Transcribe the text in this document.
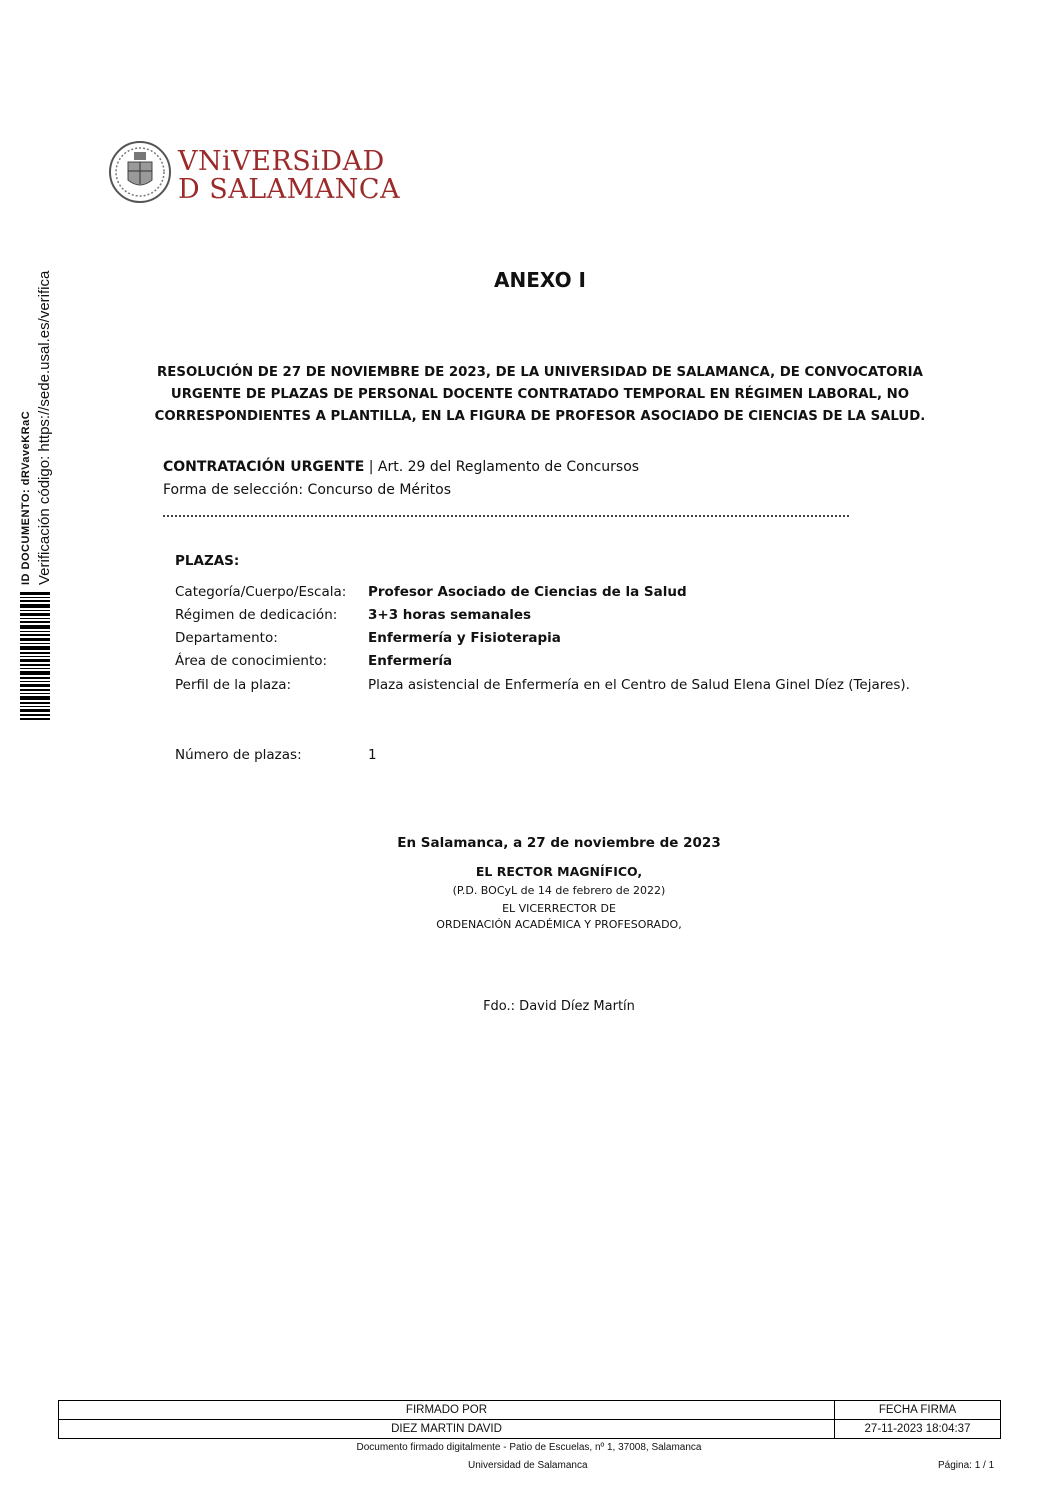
VNiVERSiDAD
D SALAMANCA
ID DOCUMENTO: dRVaveKRaC Verificación código: https://sede.usal.es/verifica	ANEXO I
RESOLUCIÓN DE 27 DE NOVIEMBRE DE 2023, DE LA UNIVERSIDAD DE SALAMANCA, DE CONVOCATORIA
URGENTE DE PLAZAS DE PERSONAL DOCENTE CONTRATADO TEMPORAL EN RÉGIMEN LABORAL, NO
CORRESPONDIENTES A PLANTILLA, EN LA FIGURA DE PROFESOR ASOCIADO DE CIENCIAS DE LA SALUD.
CONTRATACIÓN URGENTE | Art. 29 del Reglamento de Concursos
Forma de selección: Concurso de Méritos
PLAZAS:
Categoría/Cuerpo/Escala: Profesor Asociado de Ciencias de la Salud
Régimen de dedicación: 3+3 horas semanales
Departamento:	Enfermería y Fisioterapia
Área de conocimiento:	Enfermería
Perfil de la plaza:	Plaza asistencial de Enfermería en el Centro de Salud Elena Ginel Díez (Tejares).
Número de plazas:	1
En Salamanca, a 27 de noviembre de 2023
EL RECTOR MAGNÍFICO,
(P.D. BOCyL de 14 de febrero de 2022)
EL VICERRECTOR DE
ORDENACIÓN ACADÉMICA Y PROFESORADO,
Fdo.: David Díez Martín
FIRMADO POR	FECHA FIRMA
DIEZ MARTIN DAVID	27-11-2023 18:04:37
Documento firmado digitalmente - Patio de Escuelas, nº 1, 37008, Salamanca
Universidad de Salamanca	Página: 1 / 1
